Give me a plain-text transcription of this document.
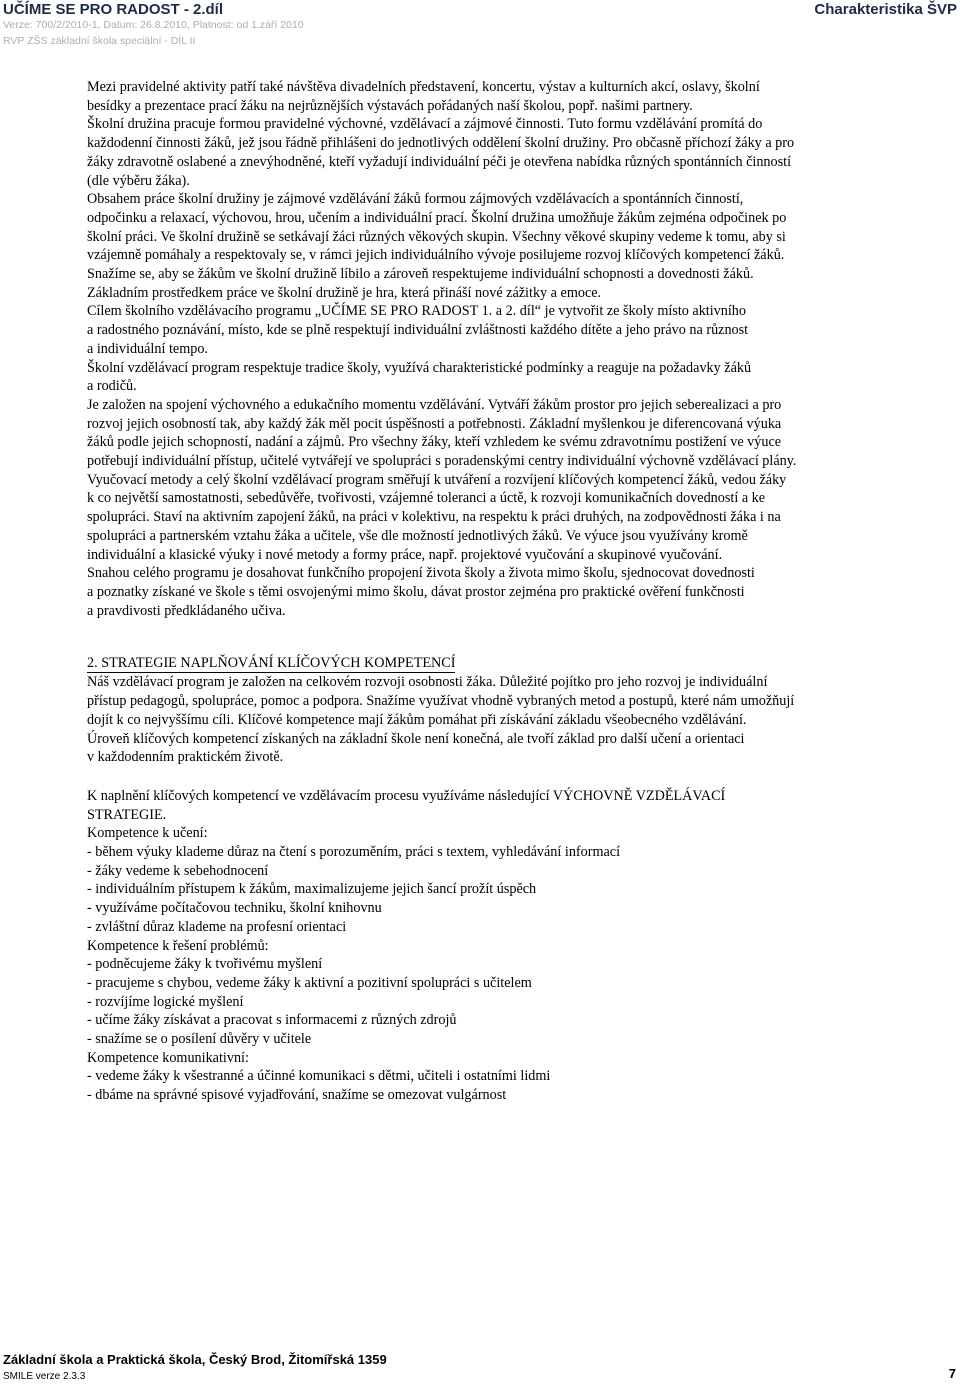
UČÍME SE PRO RADOST - 2.díl

Verze: 700/2/2010-1, Datum: 26.8.2010, Platnost: od 1.září 2010

RVP ZŠS základní škola speciální - DÍL II

Charakteristika ŠVP

Mezi pravidelné aktivity patří také návštěva divadelních představení, koncertu, výstav a kulturních akcí, oslavy, školní

besídky a prezentace prací žáku na nejrůznějších výstavách pořádaných naší školou, popř. našimi partnery.

Školní družina pracuje formou pravidelné výchovné, vzdělávací a zájmové činnosti. Tuto formu vzdělávání promítá do

každodenní činnosti žáků, jež jsou řádně přihlášeni do jednotlivých oddělení školní družiny. Pro občasně příchozí žáky a pro

žáky zdravotně oslabené a znevýhodněné, kteří vyžadují individuální péči je otevřena nabídka různých spontánních činností

(dle výběru žáka).

Obsahem práce školní družiny je zájmové vzdělávání žáků formou zájmových vzdělávacích a spontánních činností,

odpočinku a relaxací, výchovou, hrou, učením a individuální prací. Školní družina umožňuje žákům zejména odpočinek po

školní práci. Ve školní družině se setkávají žáci různých věkových skupin. Všechny věkové skupiny vedeme k tomu, aby si

vzájemně pomáhaly a respektovaly se, v rámci jejich individuálního vývoje posilujeme rozvoj klíčových kompetencí žáků.

Snažíme se, aby se žákům ve školní družině líbilo a zároveň respektujeme individuální schopnosti a dovednosti žáků.

Základním prostředkem práce ve školní družině je hra, která přináší nové zážitky a emoce.

Cílem školního vzdělávacího programu „UČÍME SE PRO RADOST 1. a 2. díl“ je vytvořit ze školy místo aktivního

a radostného poznávání, místo, kde se plně respektují individuální zvláštnosti každého dítěte a jeho právo na různost

a individuální tempo.

Školní vzdělávací program respektuje tradice školy, využívá charakteristické podmínky a reaguje na požadavky žáků

a rodičů.

Je založen na spojení výchovného a edukačního momentu vzdělávání. Vytváří žákům prostor pro jejich seberealizaci a pro

rozvoj jejich osobností tak, aby každý žák měl pocit úspěšnosti a potřebnosti. Základní myšlenkou je diferencovaná výuka

žáků podle jejich schopností, nadání a zájmů. Pro všechny žáky, kteří vzhledem ke svému zdravotnímu postižení ve výuce

potřebují individuální přístup, učitelé vytvářejí ve spolupráci s poradenskými centry individuální výchovně vzdělávací plány.

Vyučovací metody a celý školní vzdělávací program směřují k utváření a rozvíjení klíčových kompetencí žáků, vedou žáky

k co největší samostatnosti, sebedůvěře, tvořivosti, vzájemné toleranci a úctě, k rozvoji komunikačních dovedností a ke

spolupráci. Staví na aktivním zapojení žáků, na práci v kolektivu, na respektu k práci druhých, na zodpovědnosti žáka i na

spolupráci a partnerském vztahu žáka a učitele, vše dle možností jednotlivých žáků. Ve výuce jsou využívány kromě

individuální a klasické výuky i nové metody a formy práce, např. projektové vyučování a skupinové vyučování.

Snahou celého programu je dosahovat funkčního propojení života školy a života mimo školu, sjednocovat dovednosti

a poznatky získané ve škole s těmi osvojenými mimo školu, dávat prostor zejména pro praktické ověření funkčnosti

a pravdivosti předkládaného učiva.

2. STRATEGIE NAPLŇOVÁNÍ KLÍČOVÝCH KOMPETENCÍ

Náš vzdělávací program je založen na celkovém rozvoji osobnosti žáka. Důležité pojítko pro jeho rozvoj je individuální

přístup pedagogů, spolupráce, pomoc a podpora. Snažíme využívat vhodně vybraných metod a postupů, které nám umožňují

dojít k co nejvyššímu cíli. Klíčové kompetence mají žákům pomáhat při získávání základu všeobecného vzdělávání.

Úroveň klíčových kompetencí získaných na základní škole není konečná, ale tvoří základ pro další učení a orientaci

v každodenním praktickém životě.

K naplnění klíčových kompetencí ve vzdělávacím procesu využíváme následující VÝCHOVNĚ VZDĚLÁVACÍ

STRATEGIE.

Kompetence k učení:

- během výuky klademe důraz na čtení s porozuměním, práci s textem, vyhledávání informací

- žáky vedeme k sebehodnocení

- individuálním přístupem k žákům, maximalizujeme jejich šancí prožít úspěch

- využíváme počítačovou techniku, školní knihovnu

- zvláštní důraz klademe na profesní orientaci

Kompetence k řešení problémů:

- podněcujeme žáky k tvořivému myšlení

- pracujeme s chybou, vedeme žáky k aktivní a pozitivní spolupráci s učitelem

- rozvíjíme logické myšlení

- učíme žáky získávat a pracovat s informacemi z různých zdrojů

- snažíme se o posílení důvěry v učitele

Kompetence komunikativní:

- vedeme žáky k všestranné a účinné komunikaci s dětmi, učiteli i ostatními lidmi

- dbáme na správné spisové vyjadřování, snažíme se omezovat vulgárnost

Základní škola a Praktická škola, Český Brod, Žitomířská 1359

SMILE verze 2.3.3	7
